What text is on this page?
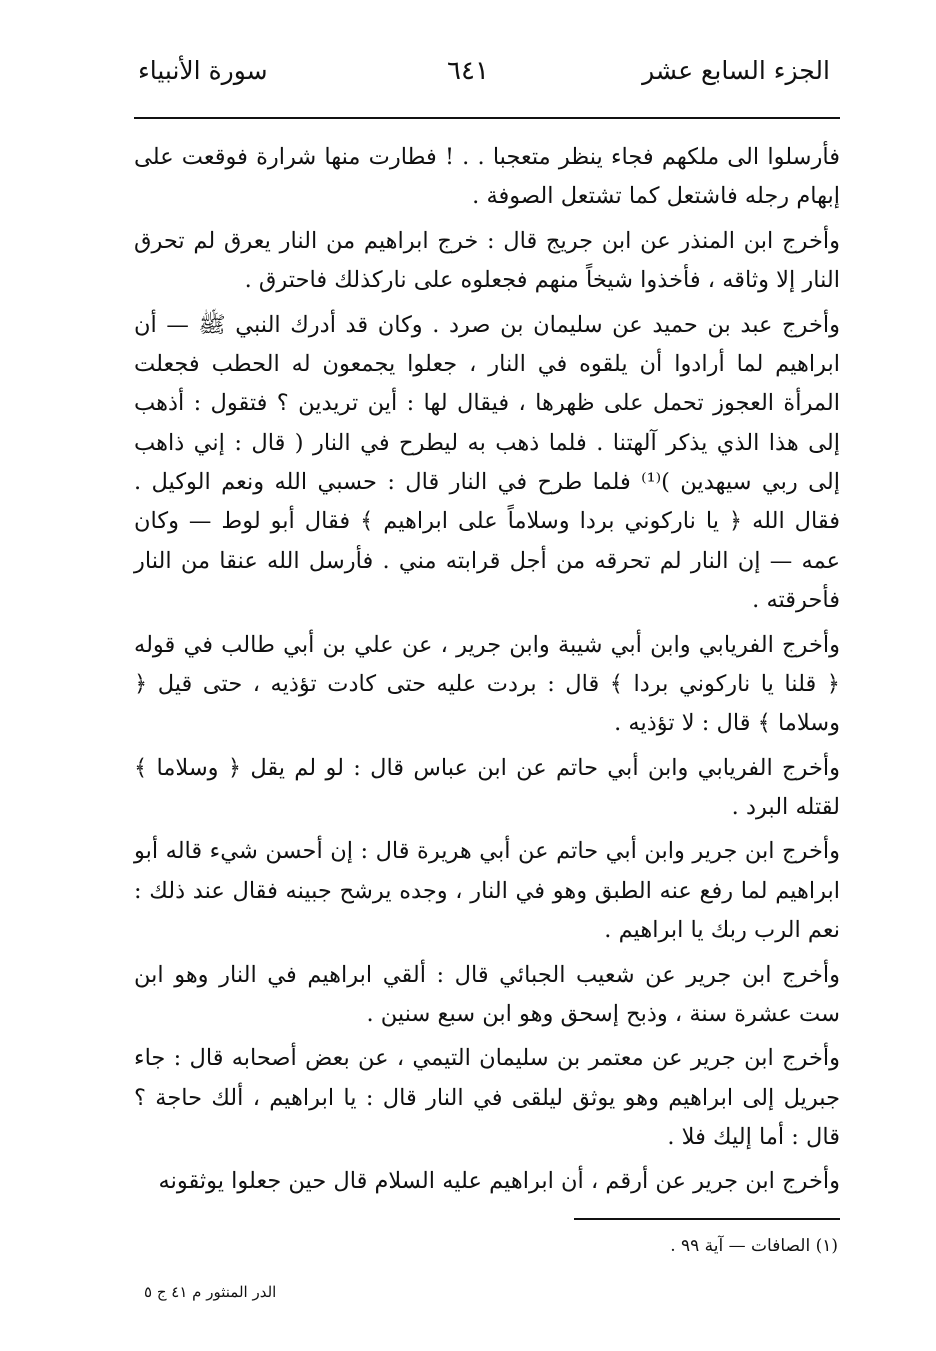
الجزء السابع عشر
٦٤١
سورة الأنبياء

فأرسلوا الى ملكهم فجاء ينظر متعجبا . . ! فطارت منها شرارة فوقعت على إبهام رجله فاشتعل كما تشتعل الصوفة .

وأخرج ابن المنذر عن ابن جريج قال : خرج ابراهيم من النار يعرق لم تحرق النار إلا وثاقه ، فأخذوا شيخاً منهم فجعلوه على ناركذلك فاحترق .

وأخرج عبد بن حميد عن سليمان بن صرد . وكان قد أدرك النبي ﷺ — أن ابراهيم لما أرادوا أن يلقوه في النار ، جعلوا يجمعون له الحطب فجعلت المرأة العجوز تحمل على ظهرها ، فيقال لها : أين تريدين ؟ فتقول : أذهب إلى هذا الذي يذكر آلهتنا . فلما ذهب به ليطرح في النار ( قال : إني ذاهب إلى ربي سيهدين )⁽¹⁾ فلما طرح في النار قال : حسبي الله ونعم الوكيل . فقال الله ﴿ يا ناركوني بردا وسلاماً على ابراهيم ﴾ فقال أبو لوط — وكان عمه — إن النار لم تحرقه من أجل قرابته مني . فأرسل الله عنقا من النار فأحرقته .

وأخرج الفريابي وابن أبي شيبة وابن جرير ، عن علي بن أبي طالب في قوله ﴿ قلنا يا ناركوني بردا ﴾ قال : بردت عليه حتى كادت تؤذيه ، حتى قيل ﴿ وسلاما ﴾ قال : لا تؤذيه .

وأخرج الفريابي وابن أبي حاتم عن ابن عباس قال : لو لم يقل ﴿ وسلاما ﴾ لقتله البرد .

وأخرج ابن جرير وابن أبي حاتم عن أبي هريرة قال : إن أحسن شيء قاله أبو ابراهيم لما رفع عنه الطبق وهو في النار ، وجده يرشح جبينه فقال عند ذلك : نعم الرب ربك يا ابراهيم .

وأخرج ابن جرير عن شعيب الجبائي قال : ألقي ابراهيم في النار وهو ابن ست عشرة سنة ، وذبح إسحق وهو ابن سبع سنين .

وأخرج ابن جرير عن معتمر بن سليمان التيمي ، عن بعض أصحابه قال : جاء جبريل إلى ابراهيم وهو يوثق ليلقى في النار قال : يا ابراهيم ، ألك حاجة ؟ قال : أما إليك فلا .

وأخرج ابن جرير عن أرقم ، أن ابراهيم عليه السلام قال حين جعلوا يوثقونه

(١) الصافات — آية ٩٩ .
الدر المنثور م ٤١ ج ٥
